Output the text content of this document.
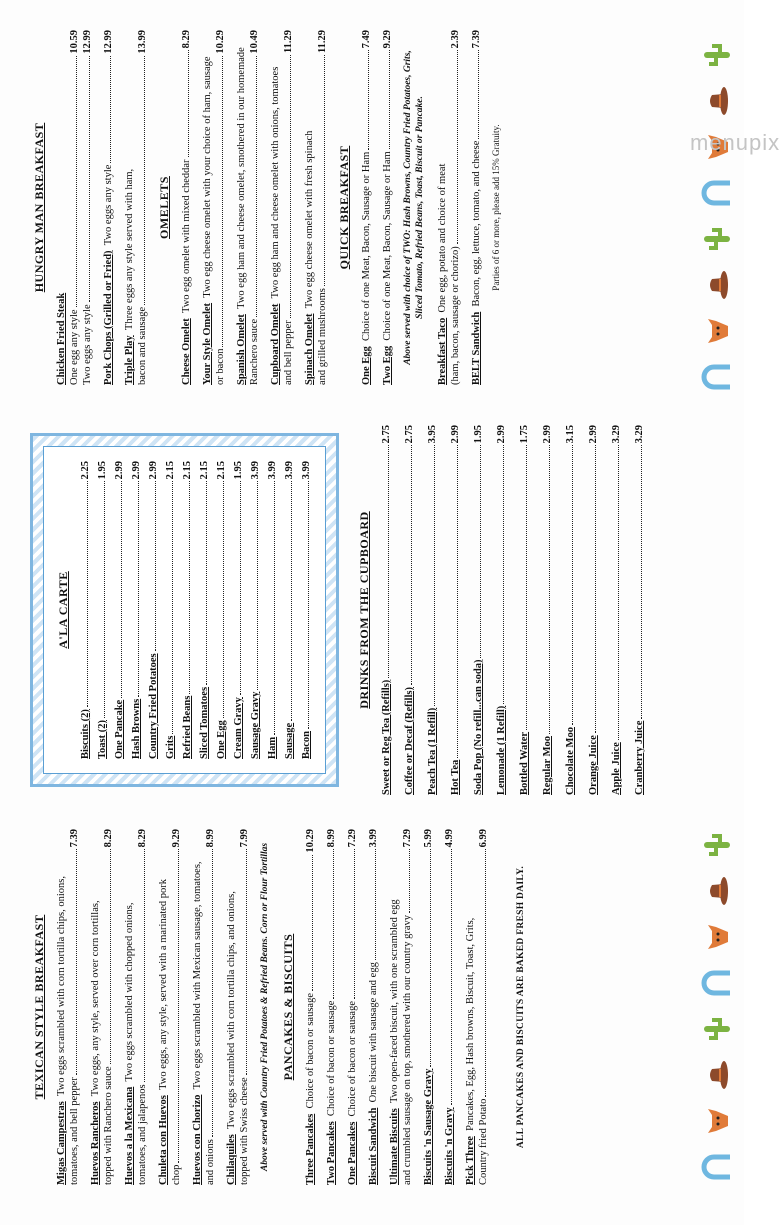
TEXICAN STYLE BREAKFAST
Migas Campestras  Two eggs scrambled with corn tortilla chips, onions,
tomatoes, and bell pepper
7.39
Huevos Rancheros  Two eggs, any style, served over corn tortillas,
topped with Ranchero sauce
8.29
Huevos a la Mexicana  Two eggs scrambled with chopped onions,
tomatoes, and jalapenos
8.29
Chuleta con Huevos  Two eggs, any style, served with a marinated pork
chop
9.29
Huevos con Chorizo  Two eggs scrambled with Mexican sausage, tomatoes,
and onions
8.99
Chilaquiles  Two eggs scrambled with corn tortilla chips, and onions,
topped with Swiss cheese
7.99
Above served with Country Fried Potatoes & Refried Beans. Corn or Flour Tortillas PANCAKES & BISCUITS
Three Pancakes  Choice of bacon or sausage
10.29
Two Pancakes  Choice of bacon or sausage
8.99
One Pancakes  Choice of bacon or sausage
7.29
Biscuit Sandwich  One biscuit with sausage and egg
3.99
Ultimate Biscuits  Two open-faced biscuit, with one scrambled egg and crumbled sausage on top, smothered with our country gravy
7.29
Biscuits 'n Sausage Gravy
5.99
Biscuits 'n Gravy
4.99
Pick Three  Pancakes, Egg, Hash browns, Biscuit, Toast, Grits,
Country fried Potato
6.99
ALL PANCAKES AND BISCUITS ARE BAKED FRESH DAILY.
A'LA CARTE
Biscuits (2)
2.25
Toast (2)
1.95
One Pancake
2.99
Hash Browns
2.99
Country Fried Potatoes
2.99
Grits
2.15
Refried Beans
2.15
Sliced Tomatoes
2.15
One Egg
2.15
Cream Gravy
1.95
Sausage Gravy
3.99
Ham
3.99
Sausage
3.99
Bacon
3.99
DRINKS FROM THE CUPBOARD
Sweet or Reg Tea (Refills)
2.75
Coffee or Decaf (Refills)
2.75
Peach Tea (1 Refill)
3.95
Hot Tea
2.99
Soda Pop (No refill...can soda)
1.95
Lemonade (1 Refill)
2.99
Bottled Water
1.75
Regular Moo
2.99
Chocolate Moo
3.15
Orange Juice
2.99
Apple Juice
3.29
Cranberry Juice
3.29
HUNGRY MAN BREAKFAST
Chicken Fried Steak One egg any style
10.59
Two eggs any style
12.99
Pork Chops (Grilled or Fried)  Two eggs any style
12.99
Triple Play  Three eggs any style served with ham,
bacon and sausage
13.99
OMELETS
Cheese Omelet  Two egg omelet with mixed cheddar
8.29
Your Style Omelet  Two egg cheese omelet with your choice of ham, sausage
or bacon
10.29
Spanish Omelet  Two egg ham and cheese omelet, smothered in our homemade
Ranchero sauce
10.49
Cupboard Omelet  Two egg ham and cheese omelet with onions, tomatoes
and bell pepper
11.29
Spinach Omelet  Two egg cheese omelet with fresh spinach
and grilled mushrooms
11.29
QUICK BREAKFAST
One Egg  Choice of one Meat, Bacon, Sausage or Ham
7.49
Two Egg  Choice of one Meat, Bacon, Sausage or Ham
9.29
Above served with choice of TWO: Hash Browns, Country Fried Potatoes, Grits, Sliced Tomato, Refried Beans, Toast, Biscuit or Pancake.
Breakfast Taco  One egg, potato and choice of meat
(ham, bacon, sausage or chorizo)
2.39
BELT Sandwich  Bacon, egg, lettuce, tomato, and cheese
7.39
Parties of 6 or more, please add 15% Gratuity.	menupix
